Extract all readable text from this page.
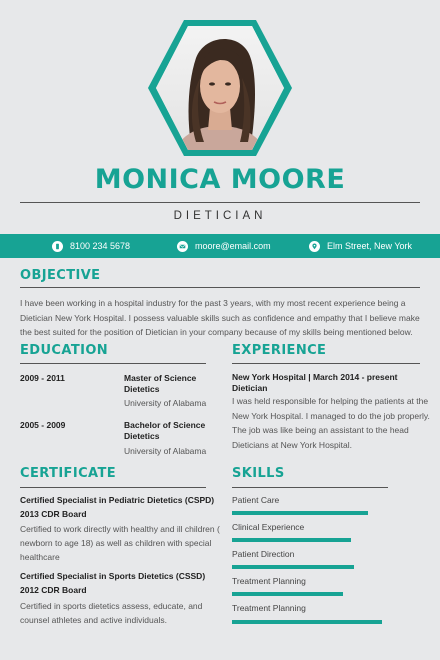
MONICA MOORE
DIETICIAN
8100 234 5678	moore@email.com	Elm Street, New York
OBJECTIVE
I have been working in a hospital industry for the past 3 years, with my most recent experience being a Dietician New York Hospital. I possess valuable skills such as confidence and empathy that I believe make the best suited for the position of Dietician in your company because of my skills being mentioned below.
EDUCATION
2009 - 2011	Master of Science Dietetics
University of Alabama
2005 - 2009	Bachelor of Science Dietetics
University of Alabama
EXPERIENCE
New York Hospital | March 2014 - present Dietician
I was held responsible for helping the patients at the New York Hospital. I managed to do the job properly. The job was like being an assistant to the head Dieticians at New York Hospital.
CERTIFICATE
Certified Specialist in Pediatric Dietetics (CSPD)
2013 CDR Board
Certified to work directly with healthy and ill children ( newborn to age 18) as well as children with special healthcare
Certified Specialist in Sports Dietetics (CSSD)
2012 CDR Board
Certified in sports dietetics assess, educate, and counsel athletes and active individuals.
SKILLS
Patient Care
Clinical Experience
Patient Direction
Treatment Planning
Treatment Planning
